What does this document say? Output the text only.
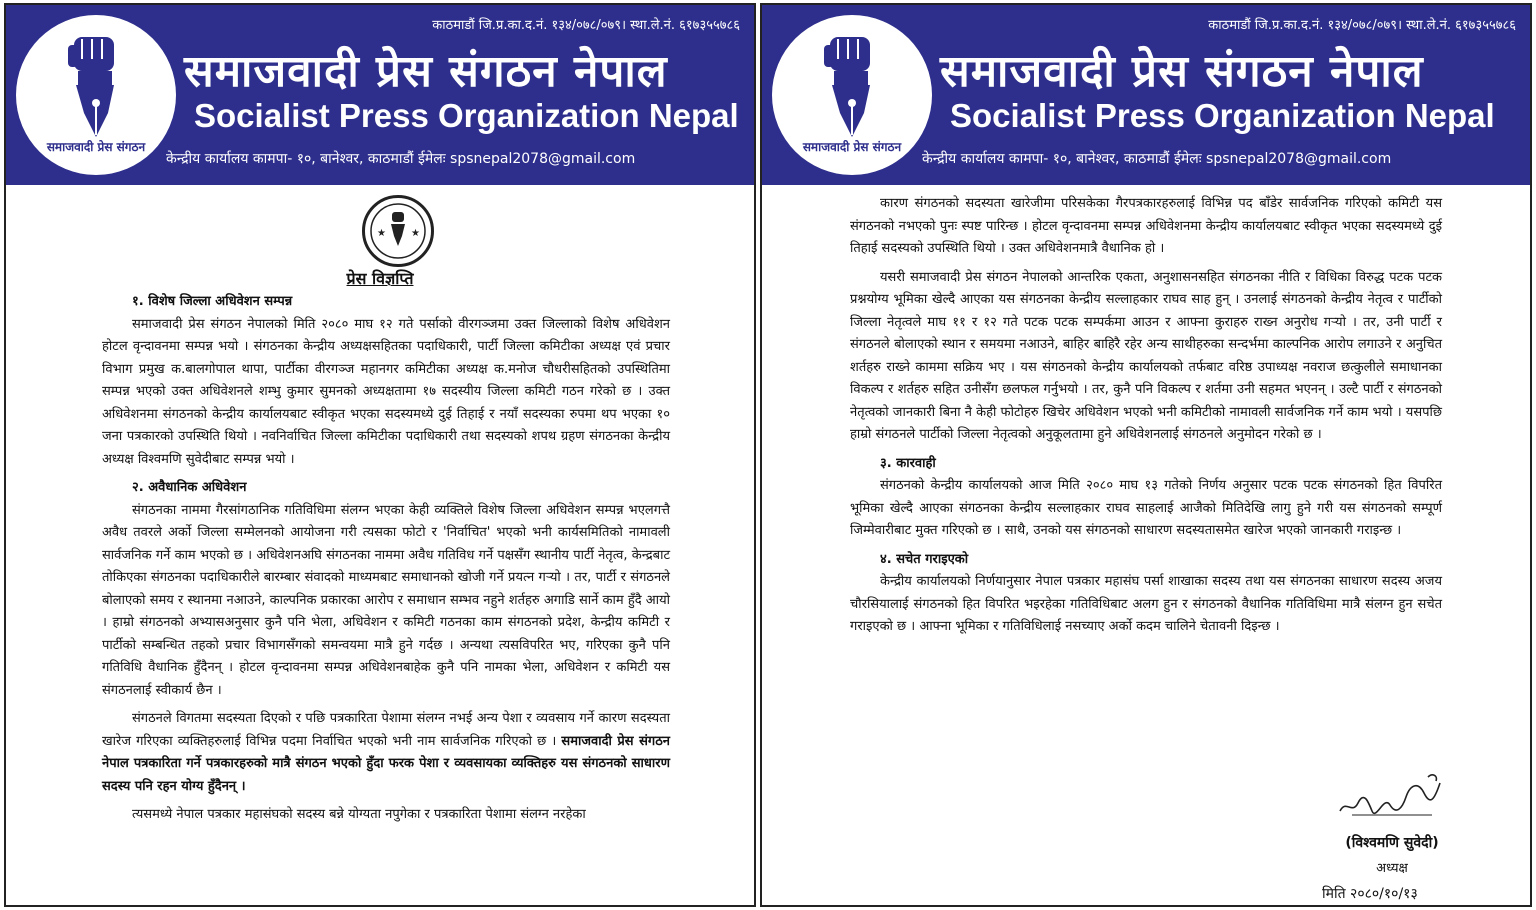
समाजवादी प्रेस संगठन
काठमाडौं जि.प्र.का.द.नं. १३४/०७८/०७९। स्था.ले.नं. ६१७३५५७८६
समाजवादी प्रेस संगठन नेपाल
Socialist Press Organization Nepal
केन्द्रीय कार्यालय कामपा- १०, बानेश्वर, काठमाडौं ईमेलः spsnepal2078@gmail.com
★	★
प्रेस विज्ञप्ति
१. विशेष जिल्ला अधिवेशन सम्पन्न

समाजवादी प्रेस संगठन नेपालको मिति २०८० माघ १२ गते पर्साको वीरगञ्जमा उक्त जिल्लाको विशेष अधिवेशन होटल वृन्दावनमा सम्पन्न भयो । संगठनका केन्द्रीय अध्यक्षसहितका पदाधिकारी, पार्टी जिल्ला कमिटीका अध्यक्ष एवं प्रचार विभाग प्रमुख क.बालगोपाल थापा, पार्टीका वीरगञ्ज महानगर कमिटीका अध्यक्ष क.मनोज चौधरीसहितको उपस्थितिमा सम्पन्न भएको उक्त अधिवेशनले शम्भु कुमार सुमनको अध्यक्षतामा १७ सदस्यीय जिल्ला कमिटी गठन गरेको छ । उक्त अधिवेशनमा संगठनको केन्द्रीय कार्यालयबाट स्वीकृत भएका सदस्यमध्ये दुई तिहाई र नयाँ सदस्यका रुपमा थप भएका १० जना पत्रकारको उपस्थिति थियो । नवनिर्वाचित जिल्ला कमिटीका पदाधिकारी तथा सदस्यको शपथ ग्रहण संगठनका केन्द्रीय अध्यक्ष विश्वमणि सुवेदीबाट सम्पन्न भयो ।

२. अवैधानिक अधिवेशन

संगठनका नाममा गैरसांगठानिक गतिविधिमा संलग्न भएका केही व्यक्तिले विशेष जिल्ला अधिवेशन सम्पन्न भएलगत्तै अवैध तवरले अर्को जिल्ला सम्मेलनको आयोजना गरी त्यसका फोटो र 'निर्वाचित' भएको भनी कार्यसमितिको नामावली सार्वजनिक गर्ने काम भएको छ । अधिवेशनअघि संगठनका नाममा अवैध गतिविध गर्ने पक्षसँग स्थानीय पार्टी नेतृत्व, केन्द्रबाट तोकिएका संगठनका पदाधिकारीले बारम्बार संवादको माध्यमबाट समाधानको खोजी गर्ने प्रयत्न गऱ्यो । तर, पार्टी र संगठनले बोलाएको समय र स्थानमा नआउने, काल्पनिक प्रकारका आरोप र समाधान सम्भव नहुने शर्तहरु अगाडि सार्ने काम हुँदै आयो । हाम्रो संगठनको अभ्यासअनुसार कुनै पनि भेला, अधिवेशन र कमिटी गठनका काम संगठनको प्रदेश, केन्द्रीय कमिटी र पार्टीको सम्बन्धित तहको प्रचार विभागसँगको समन्वयमा मात्रै हुने गर्दछ । अन्यथा त्यसविपरित भए, गरिएका कुनै पनि गतिविधि वैधानिक हुँदैनन् । होटल वृन्दावनमा सम्पन्न अधिवेशनबाहेक कुनै पनि नामका भेला, अधिवेशन र कमिटी यस संगठनलाई स्वीकार्य छैन ।

संगठनले विगतमा सदस्यता दिएको र पछि पत्रकारिता पेशामा संलग्न नभई अन्य पेशा र व्यवसाय गर्ने कारण सदस्यता खारेज गरिएका व्यक्तिहरुलाई विभिन्न पदमा निर्वाचित भएको भनी नाम सार्वजनिक गरिएको छ । समाजवादी प्रेस संगठन नेपाल पत्रकारिता गर्ने पत्रकारहरुको मात्रै संगठन भएको हुँदा फरक पेशा र व्यवसायका व्यक्तिहरु यस संगठनको साधारण सदस्य पनि रहन योग्य हुँदैनन् ।

त्यसमध्ये नेपाल पत्रकार महासंघको सदस्य बन्ने योग्यता नपुगेका र पत्रकारिता पेशामा संलग्न नरहेका

समाजवादी प्रेस संगठन
काठमाडौं जि.प्र.का.द.नं. १३४/०७८/०७९। स्था.ले.नं. ६१७३५५७८६
समाजवादी प्रेस संगठन नेपाल
Socialist Press Organization Nepal
केन्द्रीय कार्यालय कामपा- १०, बानेश्वर, काठमाडौं ईमेलः spsnepal2078@gmail.com

कारण संगठनको सदस्यता खारेजीमा परिसकेका गैरपत्रकारहरुलाई विभिन्न पद बाँडेर सार्वजनिक गरिएको कमिटी यस संगठनको नभएको पुनः स्पष्ट पारिन्छ । होटल वृन्दावनमा सम्पन्न अधिवेशनमा केन्द्रीय कार्यालयबाट स्वीकृत भएका सदस्यमध्ये दुई तिहाई सदस्यको उपस्थिति थियो । उक्त अधिवेशनमात्रै वैधानिक हो ।

यसरी समाजवादी प्रेस संगठन नेपालको आन्तरिक एकता, अनुशासनसहित संगठनका नीति र विधिका विरुद्ध पटक पटक प्रश्नयोग्य भूमिका खेल्दै आएका यस संगठनका केन्द्रीय सल्लाहकार राघव साह हुन् । उनलाई संगठनको केन्द्रीय नेतृत्व र पार्टीको जिल्ला नेतृत्वले माघ ११ र १२ गते पटक पटक सम्पर्कमा आउन र आफ्ना कुराहरु राख्न अनुरोध गऱ्यो । तर, उनी पार्टी र संगठनले बोलाएको स्थान र समयमा नआउने, बाहिर बाहिरै रहेर अन्य साथीहरुका सन्दर्भमा काल्पनिक आरोप लगाउने र अनुचित शर्तहरु राख्ने काममा सक्रिय भए । यस संगठनको केन्द्रीय कार्यालयको तर्फबाट वरिष्ठ उपाध्यक्ष नवराज छत्कुलीले समाधानका विकल्प र शर्तहरु सहित उनीसँग छलफल गर्नुभयो । तर, कुनै पनि विकल्प र शर्तमा उनी सहमत भएनन् । उल्टै पार्टी र संगठनको नेतृत्वको जानकारी बिना नै केही फोटोहरु खिचेर अधिवेशन भएको भनी कमिटीको नामावली सार्वजनिक गर्ने काम भयो । यसपछि हाम्रो संगठनले पार्टीको जिल्ला नेतृत्वको अनुकूलतामा हुने अधिवेशनलाई संगठनले अनुमोदन गरेको छ ।

३. कारवाही

संगठनको केन्द्रीय कार्यालयको आज मिति २०८० माघ १३ गतेको निर्णय अनुसार पटक पटक संगठनको हित विपरित भूमिका खेल्दै आएका संगठनका केन्द्रीय सल्लाहकार राघव साहलाई आजैको मितिदेखि लागु हुने गरी यस संगठनको सम्पूर्ण जिम्मेवारीबाट मुक्त गरिएको छ । साथै, उनको यस संगठनको साधारण सदस्यतासमेत खारेज भएको जानकारी गराइन्छ ।

४. सचेत गराइएको

केन्द्रीय कार्यालयको निर्णयानुसार नेपाल पत्रकार महासंघ पर्सा शाखाका सदस्य तथा यस संगठनका साधारण सदस्य अजय चौरसियालाई संगठनको हित विपरित भइरहेका गतिविधिबाट अलग हुन र संगठनको वैधानिक गतिविधिमा मात्रै संलग्न हुन सचेत गराइएको छ । आफ्ना भूमिका र गतिविधिलाई नसच्याए अर्को कदम चालिने चेतावनी दिइन्छ ।

(विश्वमणि सुवेदी)
अध्यक्ष
मिति २०८०/१०/१३
